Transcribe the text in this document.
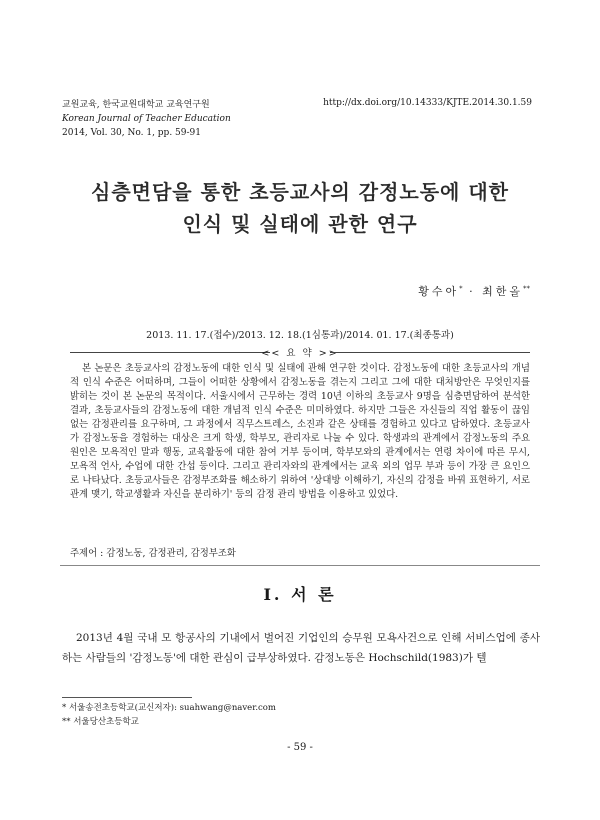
교원교육, 한국교원대학교 교육연구원
Korean Journal of Teacher Education
2014, Vol. 30, No. 1, pp. 59-91
http://dx.doi.org/10.14333/KJTE.2014.30.1.59
심층면담을 통한 초등교사의 감정노동에 대한
인식 및 실태에 관한 연구
황수아* · 최한올**
2013. 11. 17.(접수)/2013. 12. 18.(1심통과)/2014. 01. 17.(최종통과)
<< 요 약 >>
본 논문은 초등교사의 감정노동에 대한 인식 및 실태에 관해 연구한 것이다. 감정노동에 대한 초등교사의 개념적 인식 수준은 어떠하며, 그들이 어떠한 상황에서 감정노동을 겪는지 그리고 그에 대한 대처방안은 무엇인지를 밝히는 것이 본 논문의 목적이다. 서울시에서 근무하는 경력 10년 이하의 초등교사 9명을 심층면담하여 분석한 결과, 초등교사들의 감정노동에 대한 개념적 인식 수준은 미미하였다. 하지만 그들은 자신들의 직업 활동이 끊임없는 감정관리를 요구하며, 그 과정에서 직무스트레스, 소진과 같은 상태를 경험하고 있다고 답하였다. 초등교사가 감정노동을 경험하는 대상은 크게 학생, 학부모, 관리자로 나눌 수 있다. 학생과의 관계에서 감정노동의 주요 원인은 모욕적인 말과 행동, 교육활동에 대한 참여 거부 등이며, 학부모와의 관계에서는 연령 차이에 따른 무시, 모욕적 언사, 수업에 대한 간섭 등이다. 그리고 관리자와의 관계에서는 교육 외의 업무 부과 등이 가장 큰 요인으로 나타났다. 초등교사들은 감정부조화를 해소하기 위하여 '상대방 이해하기, 자신의 감정을 바꿔 표현하기, 서로 관계 맺기, 학교생활과 자신을 분리하기' 등의 감정 관리 방법을 이용하고 있었다.
주제어 : 감정노동, 감정관리, 감정부조화
Ⅰ. 서 론
2013년 4월 국내 모 항공사의 기내에서 벌어진 기업인의 승무원 모욕사건으로 인해 서비스업에 종사하는 사람들의 '감정노동'에 대한 관심이 급부상하였다. 감정노동은 Hochschild(1983)가 텔
* 서울송전초등학교(교신저자): suahwang@naver.com
** 서울당산초등학교
- 59 -
